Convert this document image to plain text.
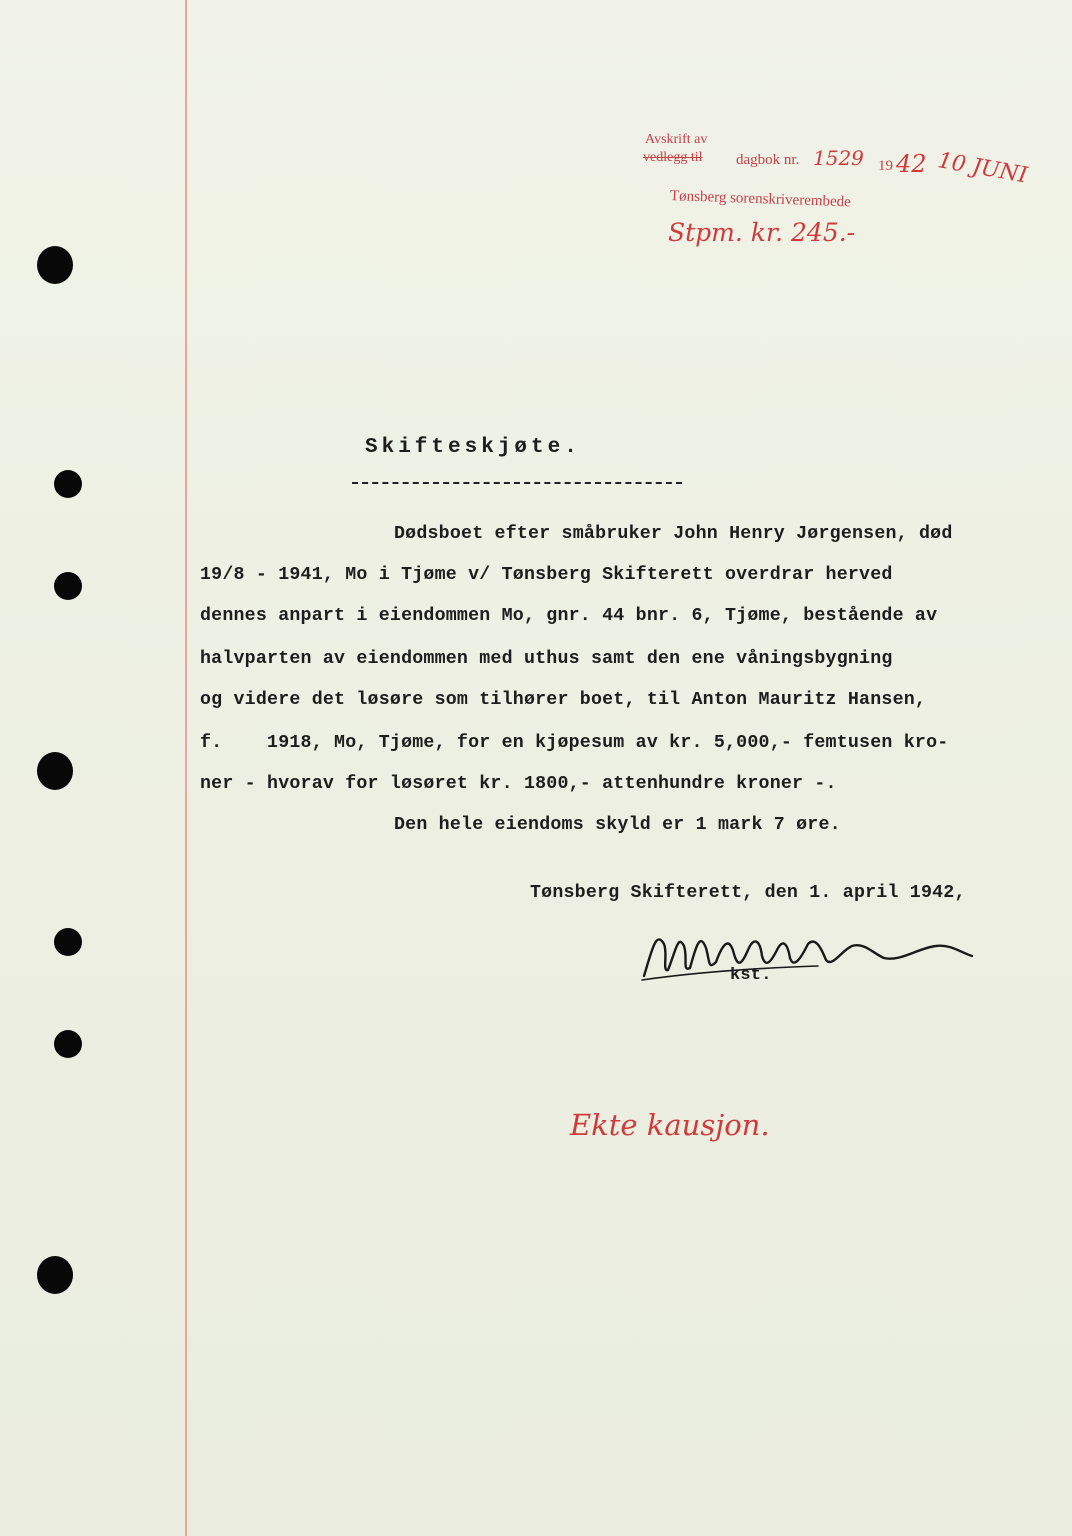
Avskrift av
vedlegg til dagbok nr. 1529 19 42 10 JUNI
Tønsberg sorenskriverembede
Stpm. kr. 245.-
Skifteskjøte.
Dødsboet efter småbruker John Henry Jørgensen, død
19/8 - 1941, Mo i Tjøme v/ Tønsberg Skifterett overdrar herved
dennes anpart i eiendommen Mo, gnr. 44 bnr. 6, Tjøme, bestående av
halvparten av eiendommen med uthus samt den ene våningsbygning
og videre det løsøre som tilhører boet, til Anton Mauritz Hansen,
f.    1918, Mo, Tjøme, for en kjøpesum av kr. 5,000,- femtusen kro-
ner - hvorav for løsøret kr. 1800,- attenhundre kroner -.
Den hele eiendoms skyld er 1 mark 7 øre.
Tønsberg Skifterett, den 1. april 1942,
kst.
Ekte kausjon.
